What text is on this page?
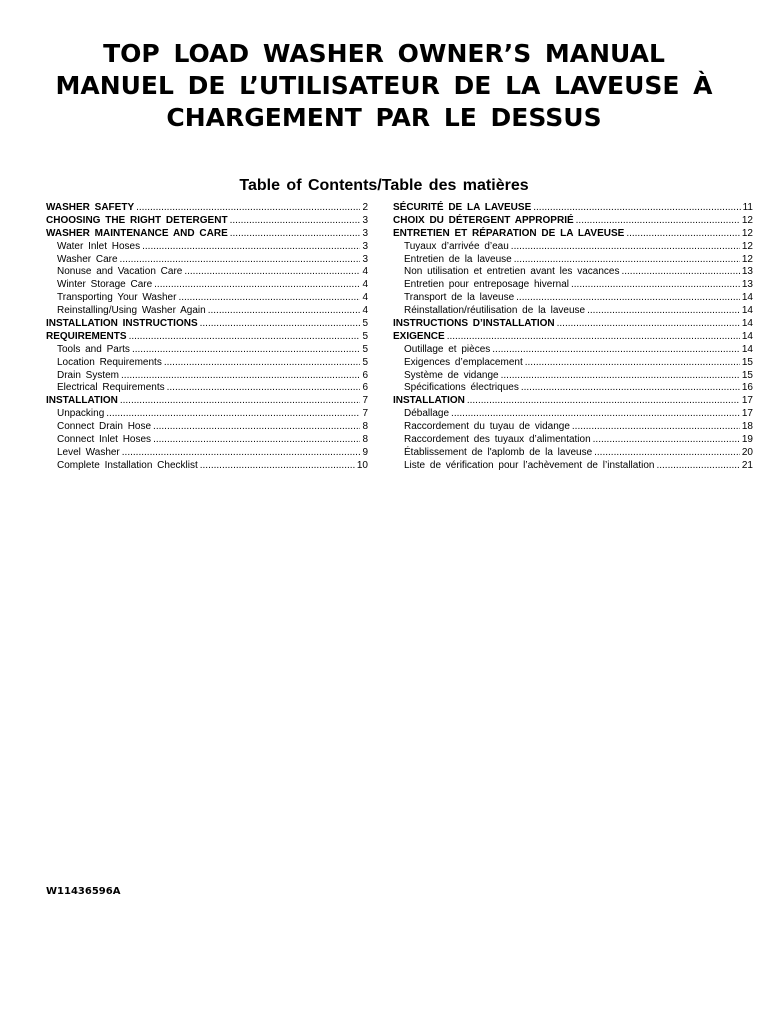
TOP LOAD WASHER OWNER’S MANUAL
MANUEL DE L’UTILISATEUR DE LA LAVEUSE À
CHARGEMENT PAR LE DESSUS
Table of Contents/Table des matières
WASHER SAFETY .....	2
CHOOSING THE RIGHT DETERGENT .....	3
WASHER MAINTENANCE AND CARE .....	3
Water Inlet Hoses .....	3
Washer Care .....	3
Nonuse and Vacation Care .....	4
Winter Storage Care .....	4
Transporting Your Washer .....	4
Reinstalling/Using Washer Again .....	4
INSTALLATION INSTRUCTIONS .....	5
REQUIREMENTS .....	5
Tools and Parts .....	5
Location Requirements .....	5
Drain System .....	6
Electrical Requirements .....	6
INSTALLATION .....	7
Unpacking .....	7
Connect Drain Hose .....	8
Connect Inlet Hoses .....	8
Level Washer .....	9
Complete Installation Checklist .....	10
SÉCURITÉ DE LA LAVEUSE .....	11
CHOIX DU DÉTERGENT APPROPRIÉ .....	12
ENTRETIEN ET RÉPARATION DE LA LAVEUSE .....	12
Tuyaux d’arrivée d’eau .....	12
Entretien de la laveuse .....	12
Non utilisation et entretien avant les vacances .....	13
Entretien pour entreposage hivernal .....	13
Transport de la laveuse .....	14
Réinstallation/réutilisation de la laveuse .....	14
INSTRUCTIONS D’INSTALLATION .....	14
EXIGENCE .....	14
Outillage et pièces .....	14
Exigences d’emplacement .....	15
Système de vidange .....	15
Spécifications électriques .....	16
INSTALLATION .....	17
Déballage .....	17
Raccordement du tuyau de vidange .....	18
Raccordement des tuyaux d’alimentation .....	19
Établissement de l'aplomb de la laveuse .....	20
Liste de vérification pour l’achèvement de l’installation .....	21
W11436596A
